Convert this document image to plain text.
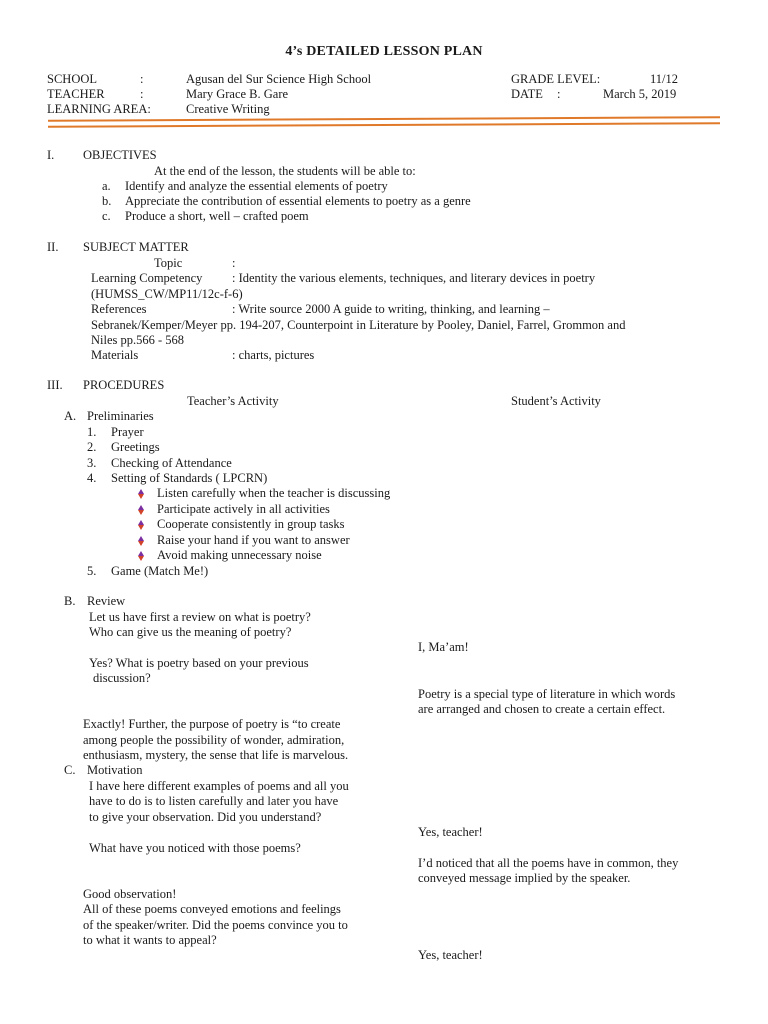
4’s DETAILED LESSON PLAN
SCHOOL	:	Agusan del Sur Science High School
TEACHER	:	Mary Grace B. Gare
LEARNING AREA:	Creative Writing
GRADE LEVEL:	11/12
DATE :	March 5, 2019
I. OBJECTIVES
At the end of the lesson, the students will be able to:
a. Identify and analyze the essential elements of poetry
b. Appreciate the contribution of essential elements to poetry as a genre
c. Produce a short, well – crafted poem
II. SUBJECT MATTER
Topic	:
Learning Competency : Identity the various elements, techniques, and literary devices in poetry
(HUMSS_CW/MP11/12c-f-6)
References	: Write source 2000 A guide to writing, thinking, and learning –
Sebranek/Kemper/Meyer pp. 194-207, Counterpoint in Literature by Pooley, Daniel, Farrel, Grommon and
Niles pp.566 - 568
Materials	: charts, pictures
III. PROCEDURES
Teacher’s Activity	Student’s Activity
A. Preliminaries
1. Prayer
2. Greetings
3. Checking of Attendance
4. Setting of Standards ( LPCRN)
Listen carefully when the teacher is discussing
Participate actively in all activities
Cooperate consistently in group tasks
Raise your hand if you want to answer
Avoid making unnecessary noise
5. Game (Match Me!)
B. Review
Let us have first a review on what is poetry?
Who can give us the meaning of poetry?
I, Ma’am!
Yes? What is poetry based on your previous
discussion?
Poetry is a special type of literature in which words
are arranged and chosen to create a certain effect.
Exactly! Further, the purpose of poetry is “to create
among people the possibility of wonder, admiration,
enthusiasm, mystery, the sense that life is marvelous.
C. Motivation
I have here different examples of poems and all you
have to do is to listen carefully and later you have
to give your observation. Did you understand?
Yes, teacher!
What have you noticed with those poems?
I’d noticed that all the poems have in common, they
conveyed message implied by the speaker.
Good observation!
All of these poems conveyed emotions and feelings
of the speaker/writer. Did the poems convince you to
to what it wants to appeal?
Yes, teacher!
